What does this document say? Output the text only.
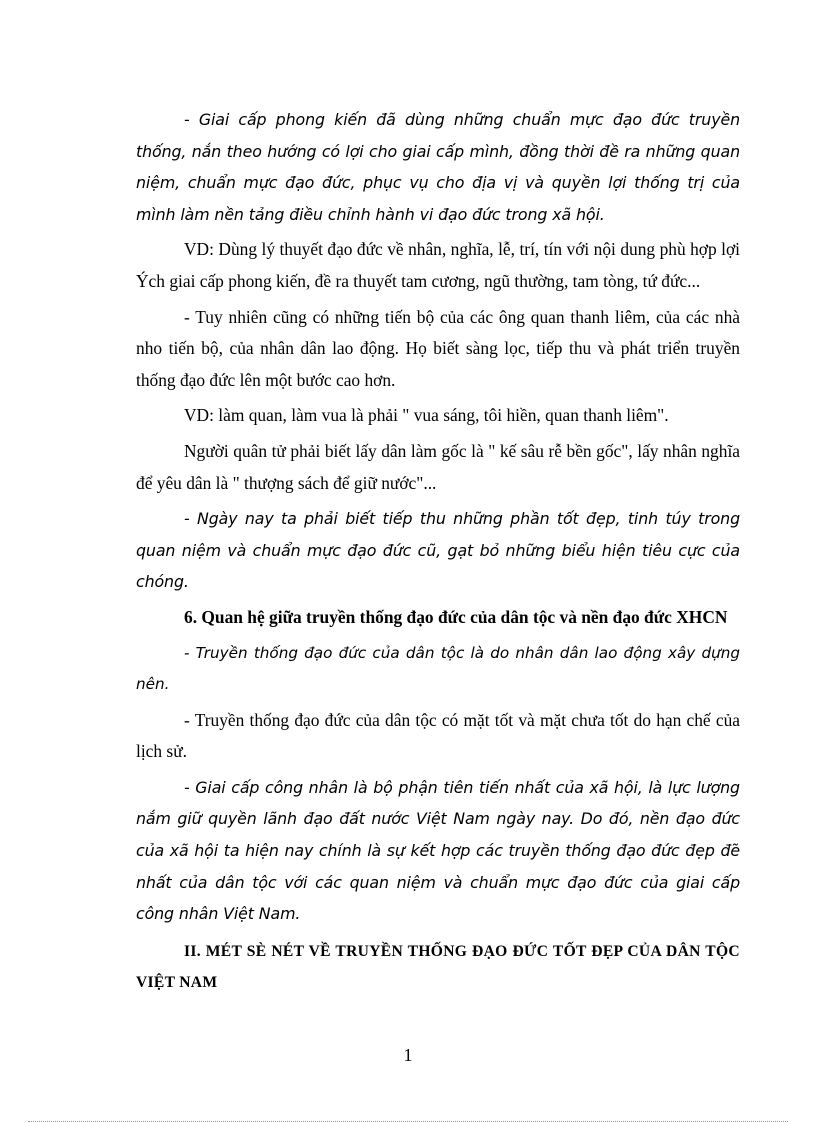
- Giai cấp phong kiến đã dùng những chuẩn mực đạo đức truyền thống, nắn theo hướng có lợi cho giai cấp mình, đồng thời đề ra những quan niệm, chuẩn mực đạo đức, phục vụ cho địa vị và quyền lợi thống trị của mình làm nền tảng điều chỉnh hành vi đạo đức trong xã hội.

VD: Dùng lý thuyết đạo đức về nhân, nghĩa, lễ, trí, tín với nội dung phù hợp lợi Ých giai cấp phong kiến, đề ra thuyết tam cương, ngũ thường, tam tòng, tứ đức...

- Tuy nhiên cũng có những tiến bộ của các ông quan thanh liêm, của các nhà nho tiến bộ, của nhân dân lao động. Họ biết sàng lọc, tiếp thu và phát triển truyền thống đạo đức lên một bước cao hơn.

VD: làm quan, làm vua là phải " vua sáng, tôi hiền, quan thanh liêm".

Người quân tử phải biết lấy dân làm gốc là " kế sâu rễ bền gốc", lấy nhân nghĩa để yêu dân là " thượng sách để giữ nước"...

- Ngày nay ta phải biết tiếp thu những phần tốt đẹp, tinh túy trong quan niệm và chuẩn mực đạo đức cũ, gạt bỏ những biểu hiện tiêu cực của chóng.

6. Quan hệ giữa truyền thống đạo đức của dân tộc và nền đạo đức XHCN

- Truyền thống đạo đức của dân tộc là do nhân dân lao động xây dựng nên.

- Truyền thống đạo đức của dân tộc có mặt tốt và mặt chưa tốt do hạn chế của lịch sử.

- Giai cấp công nhân là bộ phận tiên tiến nhất của xã hội, là lực lượng nắm giữ quyền lãnh đạo đất nước Việt Nam ngày nay. Do đó, nền đạo đức của xã hội ta hiện nay chính là sự kết hợp các truyền thống đạo đức đẹp đẽ nhất của dân tộc với các quan niệm và chuẩn mực đạo đức của giai cấp công nhân Việt Nam.

II. MÉT SÈ NÉT VỀ TRUYỀN THỐNG ĐẠO ĐỨC TỐT ĐẸP CỦA DÂN TỘC VIỆT NAM

1
